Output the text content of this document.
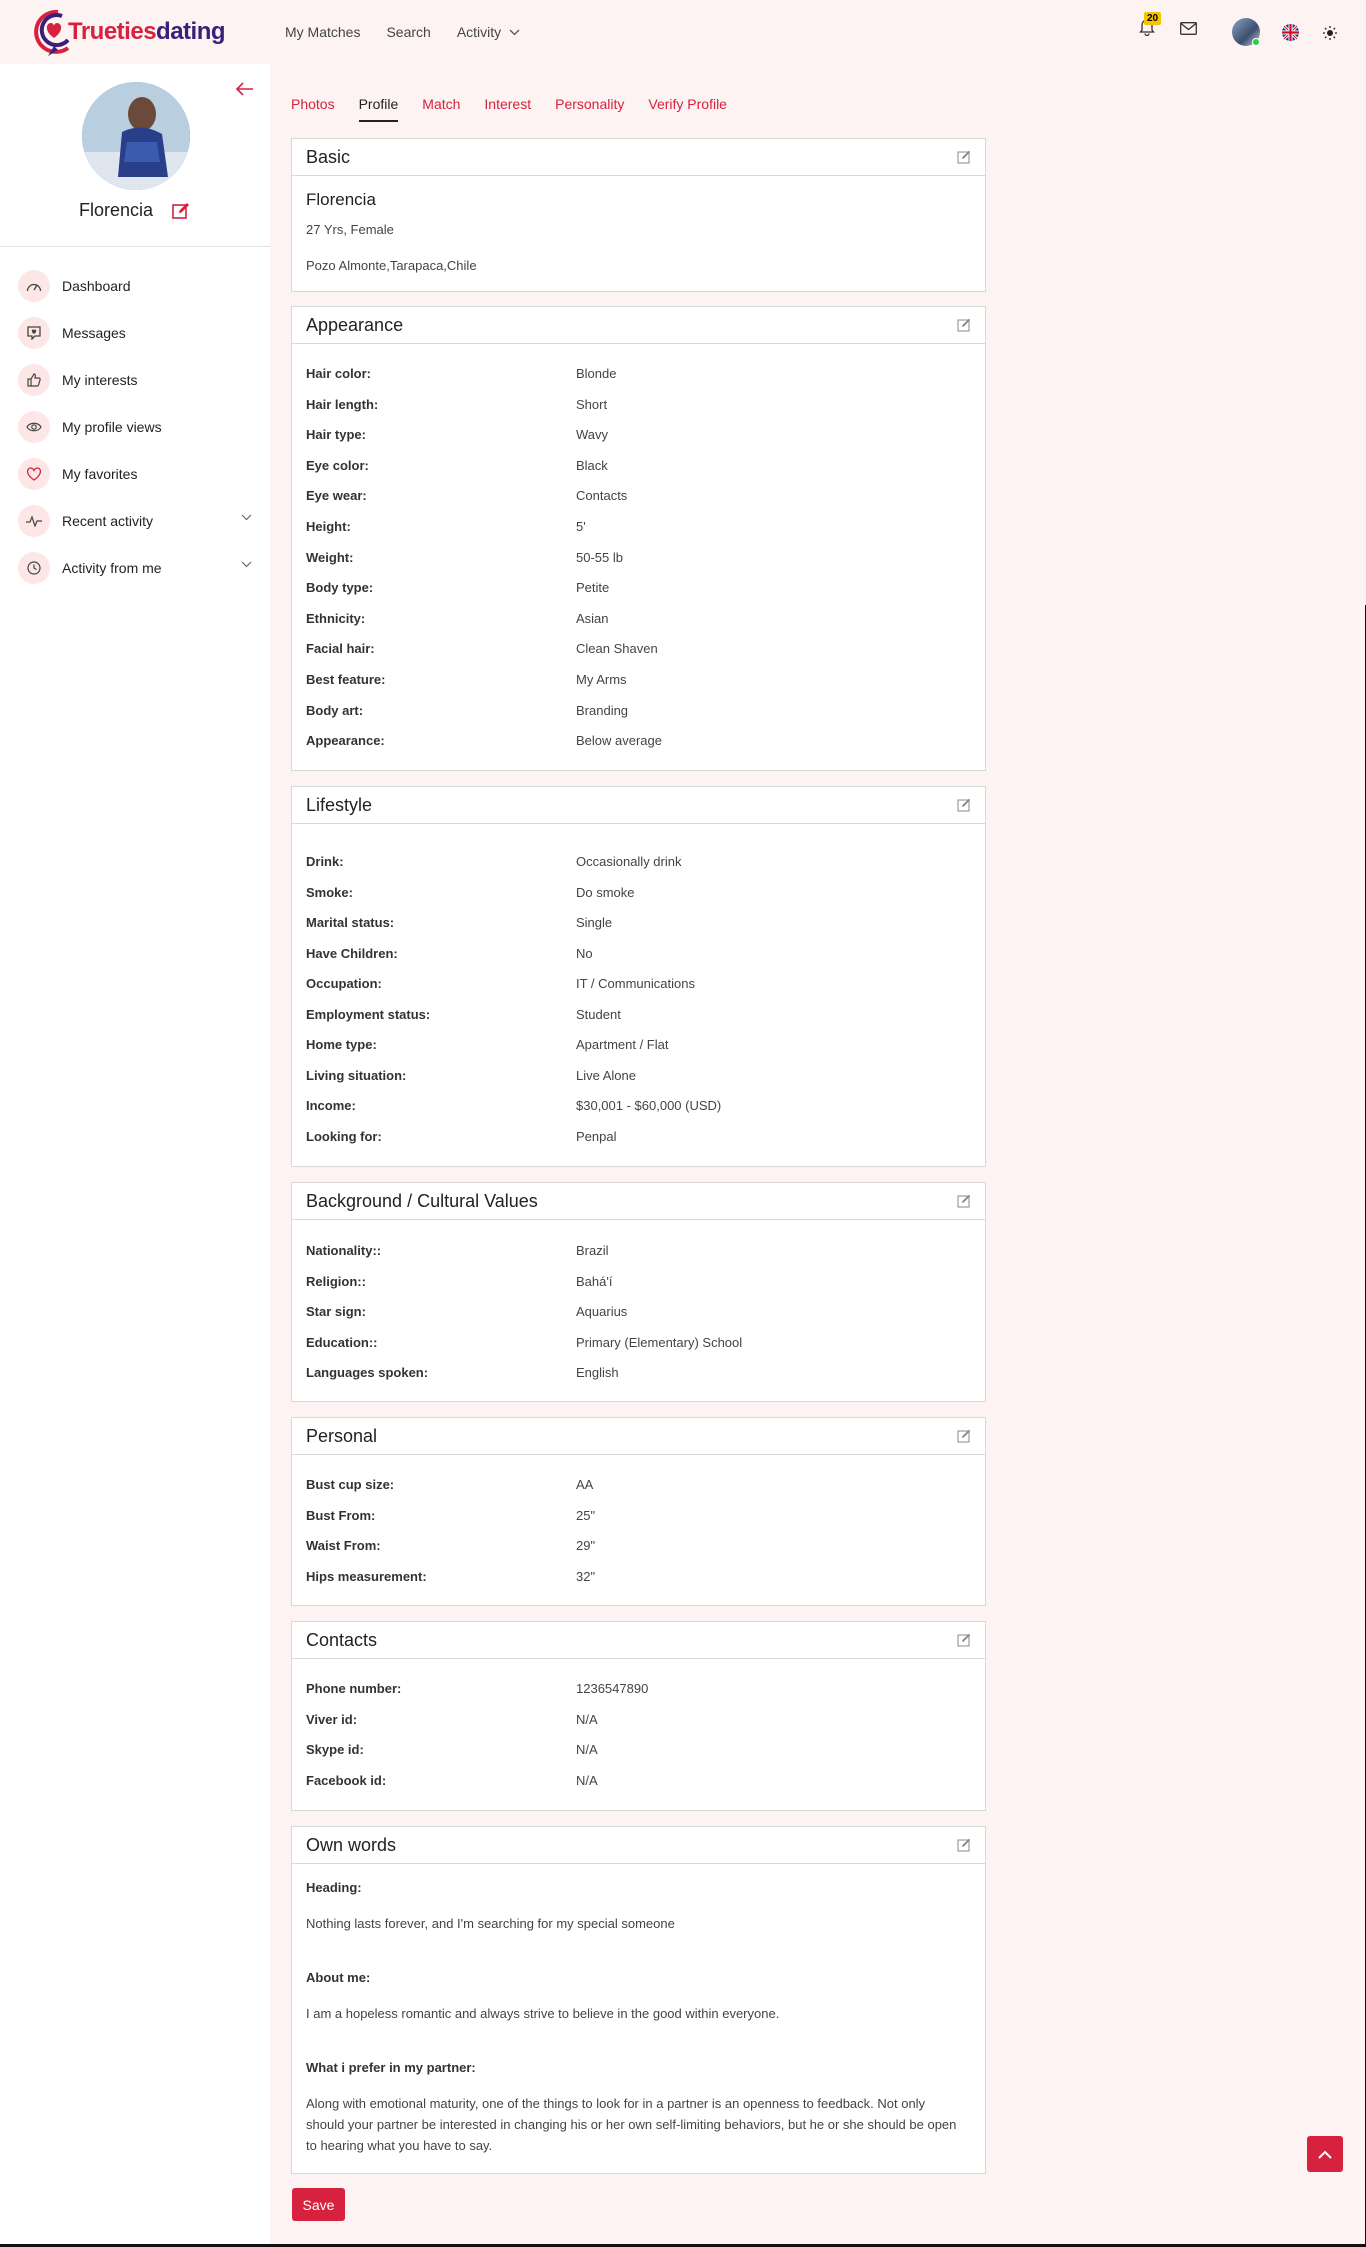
Truetiesdating	My Matches Search Activity
20
Florencia
Dashboard
Messages
My interests
My profile views
My favorites
Recent activity
Activity from me
Photos Profile Match Interest Personality Verify Profile
Basic
Florencia
27 Yrs, Female
Pozo Almonte,Tarapaca,Chile
Appearance
Hair color:	Blonde
Hair length:	Short
Hair type:	Wavy
Eye color:	Black
Eye wear:	Contacts
Height:	5'
Weight:	50-55 lb
Body type:	Petite
Ethnicity:	Asian
Facial hair:	Clean Shaven
Best feature:	My Arms
Body art:	Branding
Appearance:	Below average
Lifestyle
Drink:	Occasionally drink
Smoke:	Do smoke
Marital status:	Single
Have Children:	No
Occupation:	IT / Communications
Employment status:	Student
Home type:	Apartment / Flat
Living situation:	Live Alone
Income:	$30,001 - $60,000 (USD)
Looking for:	Penpal
Background / Cultural Values
Nationality::	Brazil
Religion::	Bahá'í
Star sign:	Aquarius
Education::	Primary (Elementary) School
Languages spoken:	English
Personal
Bust cup size:	AA
Bust From:	25"
Waist From:	29"
Hips measurement:	32"
Contacts
Phone number:	1236547890
Viver id:	N/A
Skype id:	N/A
Facebook id:	N/A
Own words
Heading:
Nothing lasts forever, and I'm searching for my special someone
About me:
I am a hopeless romantic and always strive to believe in the good within everyone.
What i prefer in my partner:
Along with emotional maturity, one of the things to look for in a partner is an openness to feedback. Not only should your partner be interested in changing his or her own self-limiting behaviors, but he or she should be open to hearing what you have to say.
Save
